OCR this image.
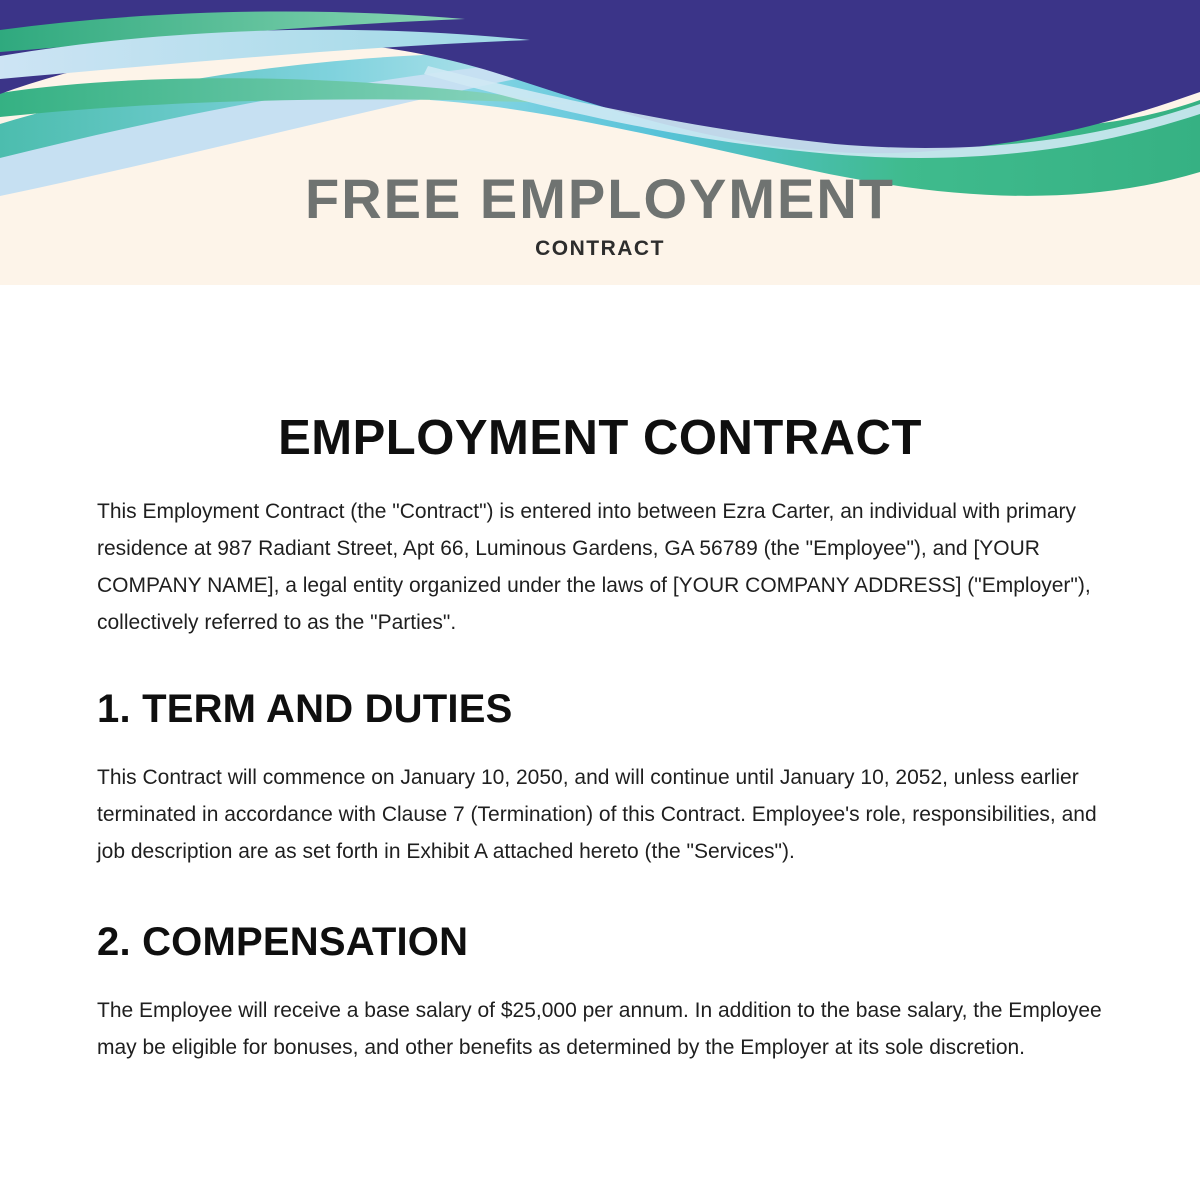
FREE EMPLOYMENT
CONTRACT
EMPLOYMENT CONTRACT

This Employment Contract (the "Contract") is entered into between Ezra Carter, an individual with primary residence at 987 Radiant Street, Apt 66, Luminous Gardens, GA 56789 (the "Employee"), and [YOUR COMPANY NAME], a legal entity organized under the laws of [YOUR COMPANY ADDRESS] ("Employer"), collectively referred to as the "Parties".

1. TERM AND DUTIES

This Contract will commence on January 10, 2050, and will continue until January 10, 2052, unless earlier terminated in accordance with Clause 7 (Termination) of this Contract. Employee's role, responsibilities, and job description are as set forth in Exhibit A attached hereto (the "Services").

2. COMPENSATION

The Employee will receive a base salary of $25,000 per annum. In addition to the base salary, the Employee may be eligible for bonuses, and other benefits as determined by the Employer at its sole discretion.
